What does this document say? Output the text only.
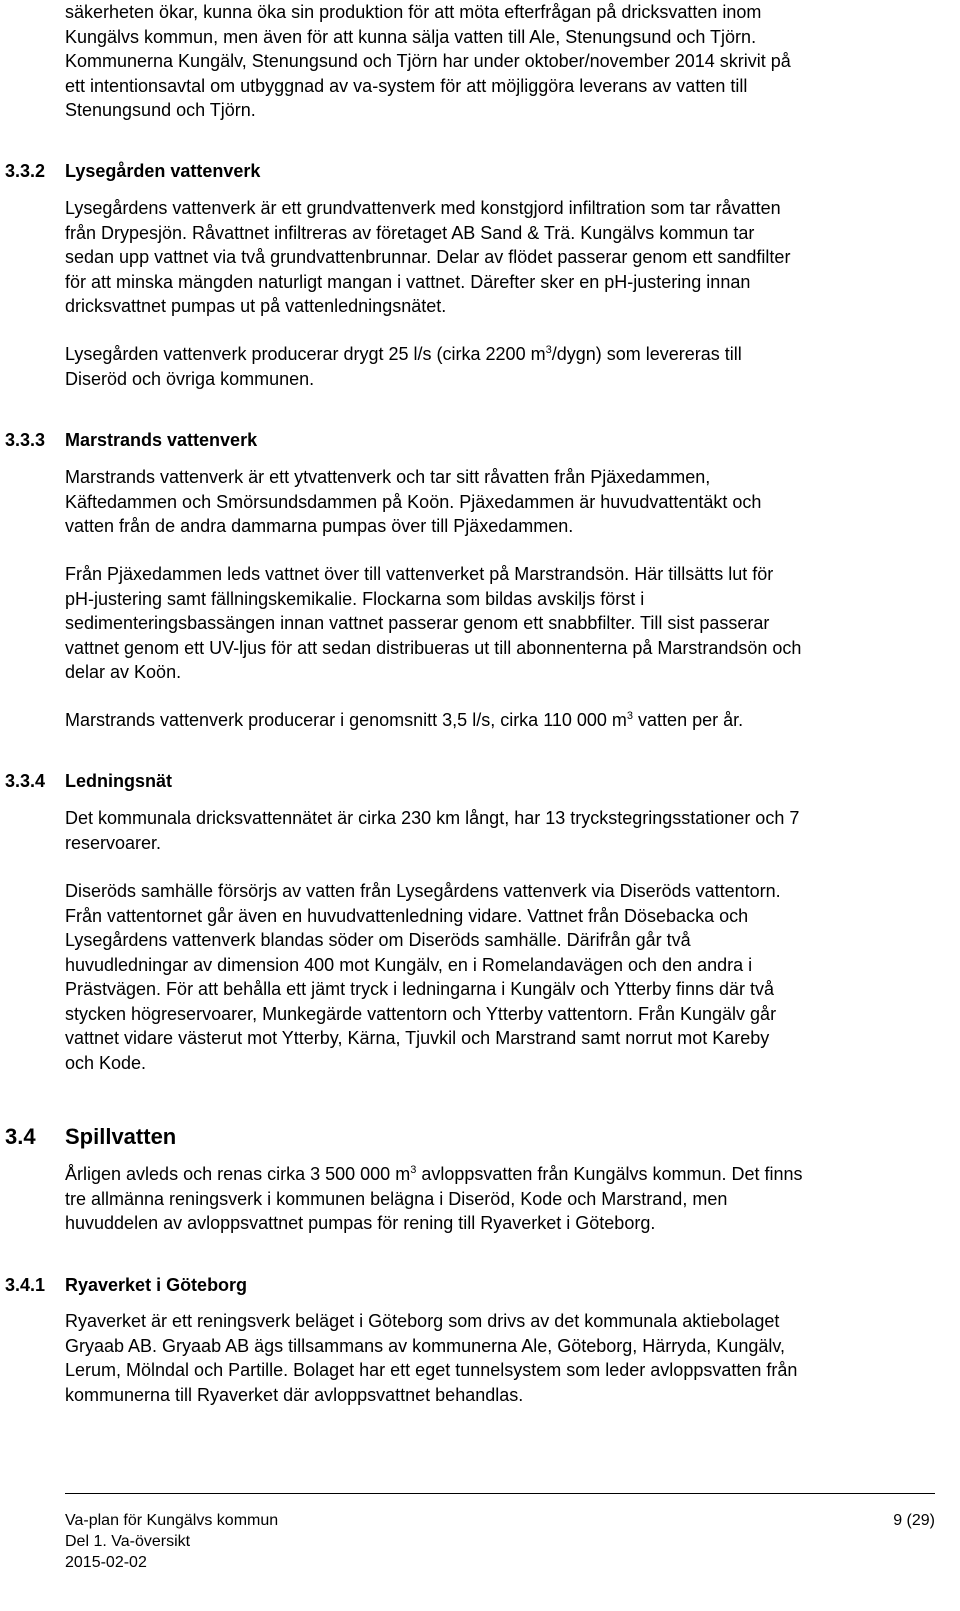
säkerheten ökar, kunna öka sin produktion för att möta efterfrågan på dricksvatten inom
Kungälvs kommun, men även för att kunna sälja vatten till Ale, Stenungsund och Tjörn.
Kommunerna Kungälv, Stenungsund och Tjörn har under oktober/november 2014 skrivit på
ett intentionsavtal om utbyggnad av va-system för att möjliggöra leverans av vatten till
Stenungsund och Tjörn.

3.3.2 Lysegården vattenverk

Lysegårdens vattenverk är ett grundvattenverk med konstgjord infiltration som tar råvatten
från Drypesjön. Råvattnet infiltreras av företaget AB Sand & Trä. Kungälvs kommun tar
sedan upp vattnet via två grundvattenbrunnar. Delar av flödet passerar genom ett sandfilter
för att minska mängden naturligt mangan i vattnet. Därefter sker en pH-justering innan
dricksvattnet pumpas ut på vattenledningsnätet.

Lysegården vattenverk producerar drygt 25 l/s (cirka 2200 $m^3/dygn$) som levereras till
Diseröd och övriga kommunen.

3.3.3 Marstrands vattenverk

Marstrands vattenverk är ett ytvattenverk och tar sitt råvatten från Pjäxedammen,
Käftedammen och Smörsundsdammen på Koön. Pjäxedammen är huvudvattentäkt och
vatten från de andra dammarna pumpas över till Pjäxedammen.

Från Pjäxedammen leds vattnet över till vattenverket på Marstrandsön. Här tillsätts lut för
pH-justering samt fällningskemikalie. Flockarna som bildas avskiljs först i
sedimenteringsbassängen innan vattnet passerar genom ett snabbfilter. Till sist passerar
vattnet genom ett UV-ljus för att sedan distribueras ut till abonnenterna på Marstrandsön och
delar av Koön.

Marstrands vattenverk producerar i genomsnitt 3,5 l/s, cirka 110 000 $m^3$ vatten per år.

3.3.4 Ledningsnät

Det kommunala dricksvattennätet är cirka 230 km långt, har 13 tryckstegringsstationer och 7
reservoarer.

Diseröds samhälle försörjs av vatten från Lysegårdens vattenverk via Diseröds vattentorn.
Från vattentornet går även en huvudvattenledning vidare. Vattnet från Dösebacka och
Lysegårdens vattenverk blandas söder om Diseröds samhälle. Därifrån går två
huvudledningar av dimension 400 mot Kungälv, en i Romelandavägen och den andra i
Prästvägen. För att behålla ett jämt tryck i ledningarna i Kungälv och Ytterby finns där två
stycken högreservoarer, Munkegärde vattentorn och Ytterby vattentorn. Från Kungälv går
vattnet vidare västerut mot Ytterby, Kärna, Tjuvkil och Marstrand samt norrut mot Kareby
och Kode.

3.4 Spillvatten

Årligen avleds och renas cirka 3 500 000 $m^3$ avloppsvatten från Kungälvs kommun. Det finns
tre allmänna reningsverk i kommunen belägna i Diseröd, Kode och Marstrand, men
huvuddelen av avloppsvattnet pumpas för rening till Ryaverket i Göteborg.

3.4.1 Ryaverket i Göteborg

Ryaverket är ett reningsverk beläget i Göteborg som drivs av det kommunala aktiebolaget
Gryaab AB. Gryaab AB ägs tillsammans av kommunerna Ale, Göteborg, Härryda, Kungälv,
Lerum, Mölndal och Partille. Bolaget har ett eget tunnelsystem som leder avloppsvatten från
kommunerna till Ryaverket där avloppsvattnet behandlas.

Va-plan för Kungälvs kommun	9 (29)
Del 1. Va-översikt
2015-02-02
